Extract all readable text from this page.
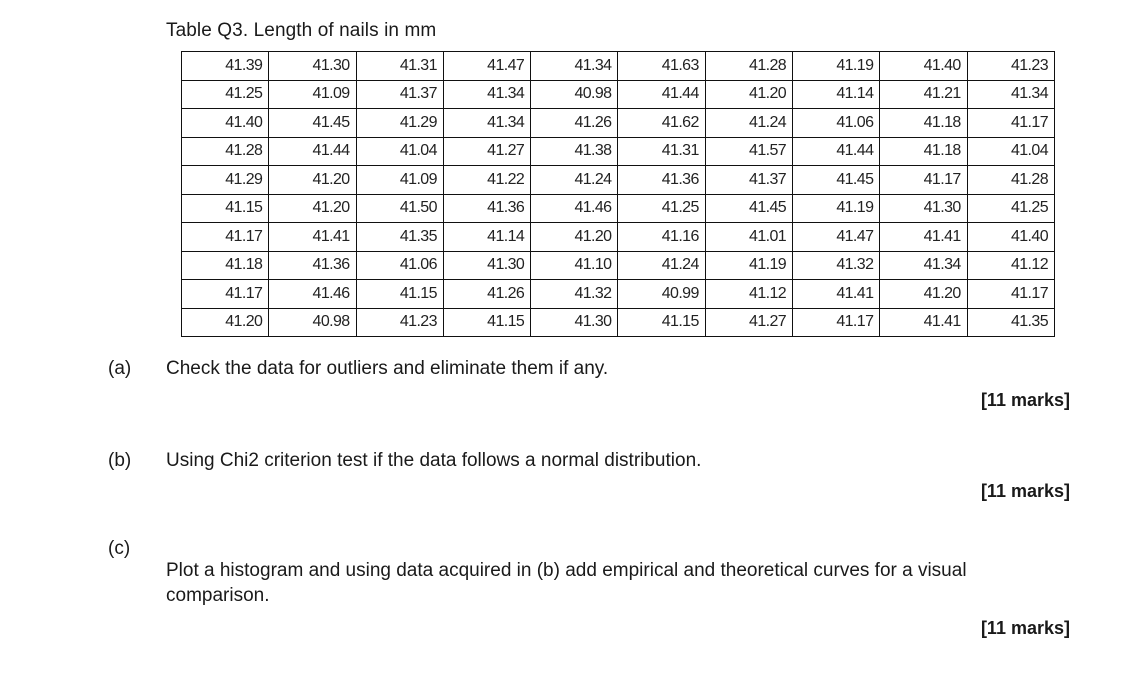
Table Q3. Length of nails in mm
41.39	41.30	41.31	41.47	41.34	41.63	41.28	41.19	41.40	41.23
41.25	41.09	41.37	41.34	40.98	41.44	41.20	41.14	41.21	41.34
41.40	41.45	41.29	41.34	41.26	41.62	41.24	41.06	41.18	41.17
41.28	41.44	41.04	41.27	41.38	41.31	41.57	41.44	41.18	41.04
41.29	41.20	41.09	41.22	41.24	41.36	41.37	41.45	41.17	41.28
41.15	41.20	41.50	41.36	41.46	41.25	41.45	41.19	41.30	41.25
41.17	41.41	41.35	41.14	41.20	41.16	41.01	41.47	41.41	41.40
41.18	41.36	41.06	41.30	41.10	41.24	41.19	41.32	41.34	41.12
41.17	41.46	41.15	41.26	41.32	40.99	41.12	41.41	41.20	41.17
41.20	40.98	41.23	41.15	41.30	41.15	41.27	41.17	41.41	41.35
(a) Check the data for outliers and eliminate them if any.
[11 marks]
(b) Using Chi2 criterion test if the data follows a normal distribution.
[11 marks]
(c)
Plot a histogram and using data acquired in (b) add empirical and theoretical curves for a visual comparison.
[11 marks]
